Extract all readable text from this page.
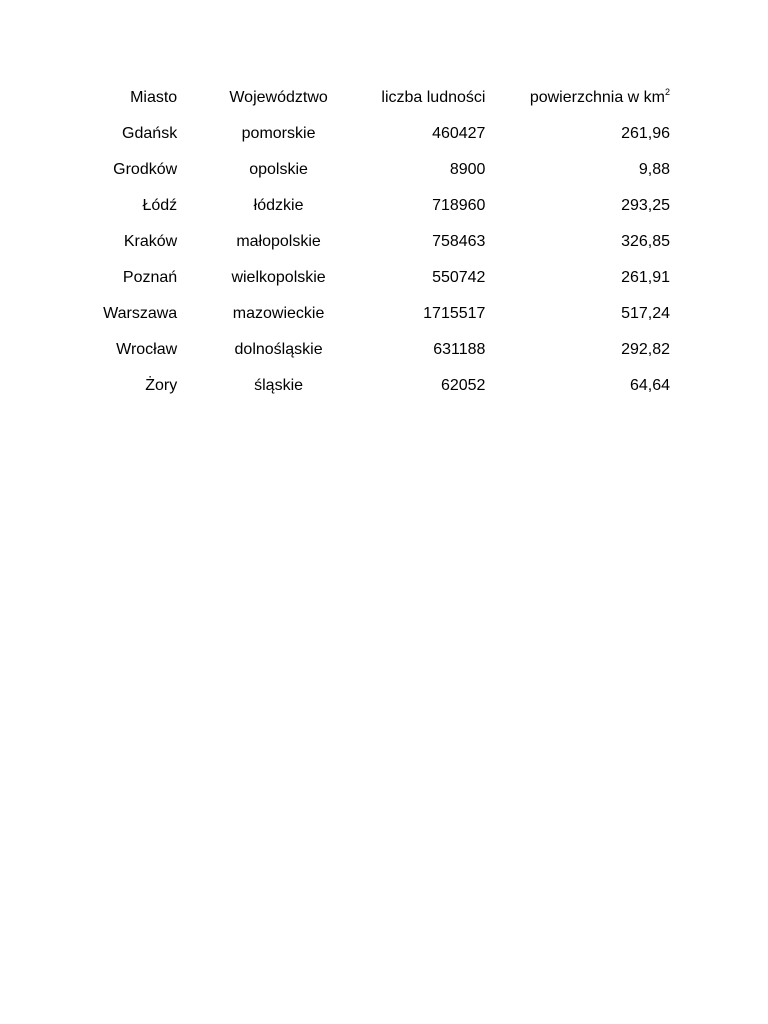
Miasto	Województwo	liczba ludności	powierzchnia w $km^2$
Gdańsk	pomorskie	460427	261,96
Grodków	opolskie	8900	9,88
Łódź	łódzkie	718960	293,25
Kraków	małopolskie	758463	326,85
Poznań	wielkopolskie	550742	261,91
Warszawa	mazowieckie	1715517	517,24
Wrocław	dolnośląskie	631188	292,82
Żory	śląskie	62052	64,64
